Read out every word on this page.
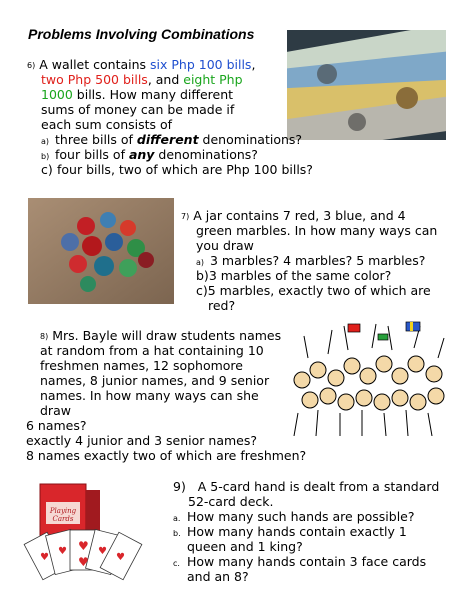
Problems Involving Combinations
6) A wallet contains six Php 100 bills,
two Php 500 bills, and eight Php
1000 bills. How many different
sums of money can be made if
each sum consists of
a) three bills of different denominations?
b) four bills of any denominations?
c) four bills, two of which are Php 100 bills?
7) A jar contains 7 red, 3 blue, and 4
green marbles. In how many ways can
you draw
a) 3 marbles? 4 marbles? 5 marbles?
b)3 marbles of the same color?
c)5 marbles, exactly two of which are
red?
8) Mrs. Bayle will draw students names
at random from a hat containing 10
freshmen names, 12 sophomore
names, 8 junior names, and 9 senior
names. In how many ways can she
draw
6 names?
exactly 4 junior and 3 senior names?
8 names exactly two of which are freshmen?
♥
♥
♥	♥
♥
♥
Playing Cards
9) A 5-card hand is dealt from a standard
52-card deck.
a. How many such hands are possible?
b. How many hands contain exactly 1
queen and 1 king?
c. How many hands contain 3 face cards
and an 8?
